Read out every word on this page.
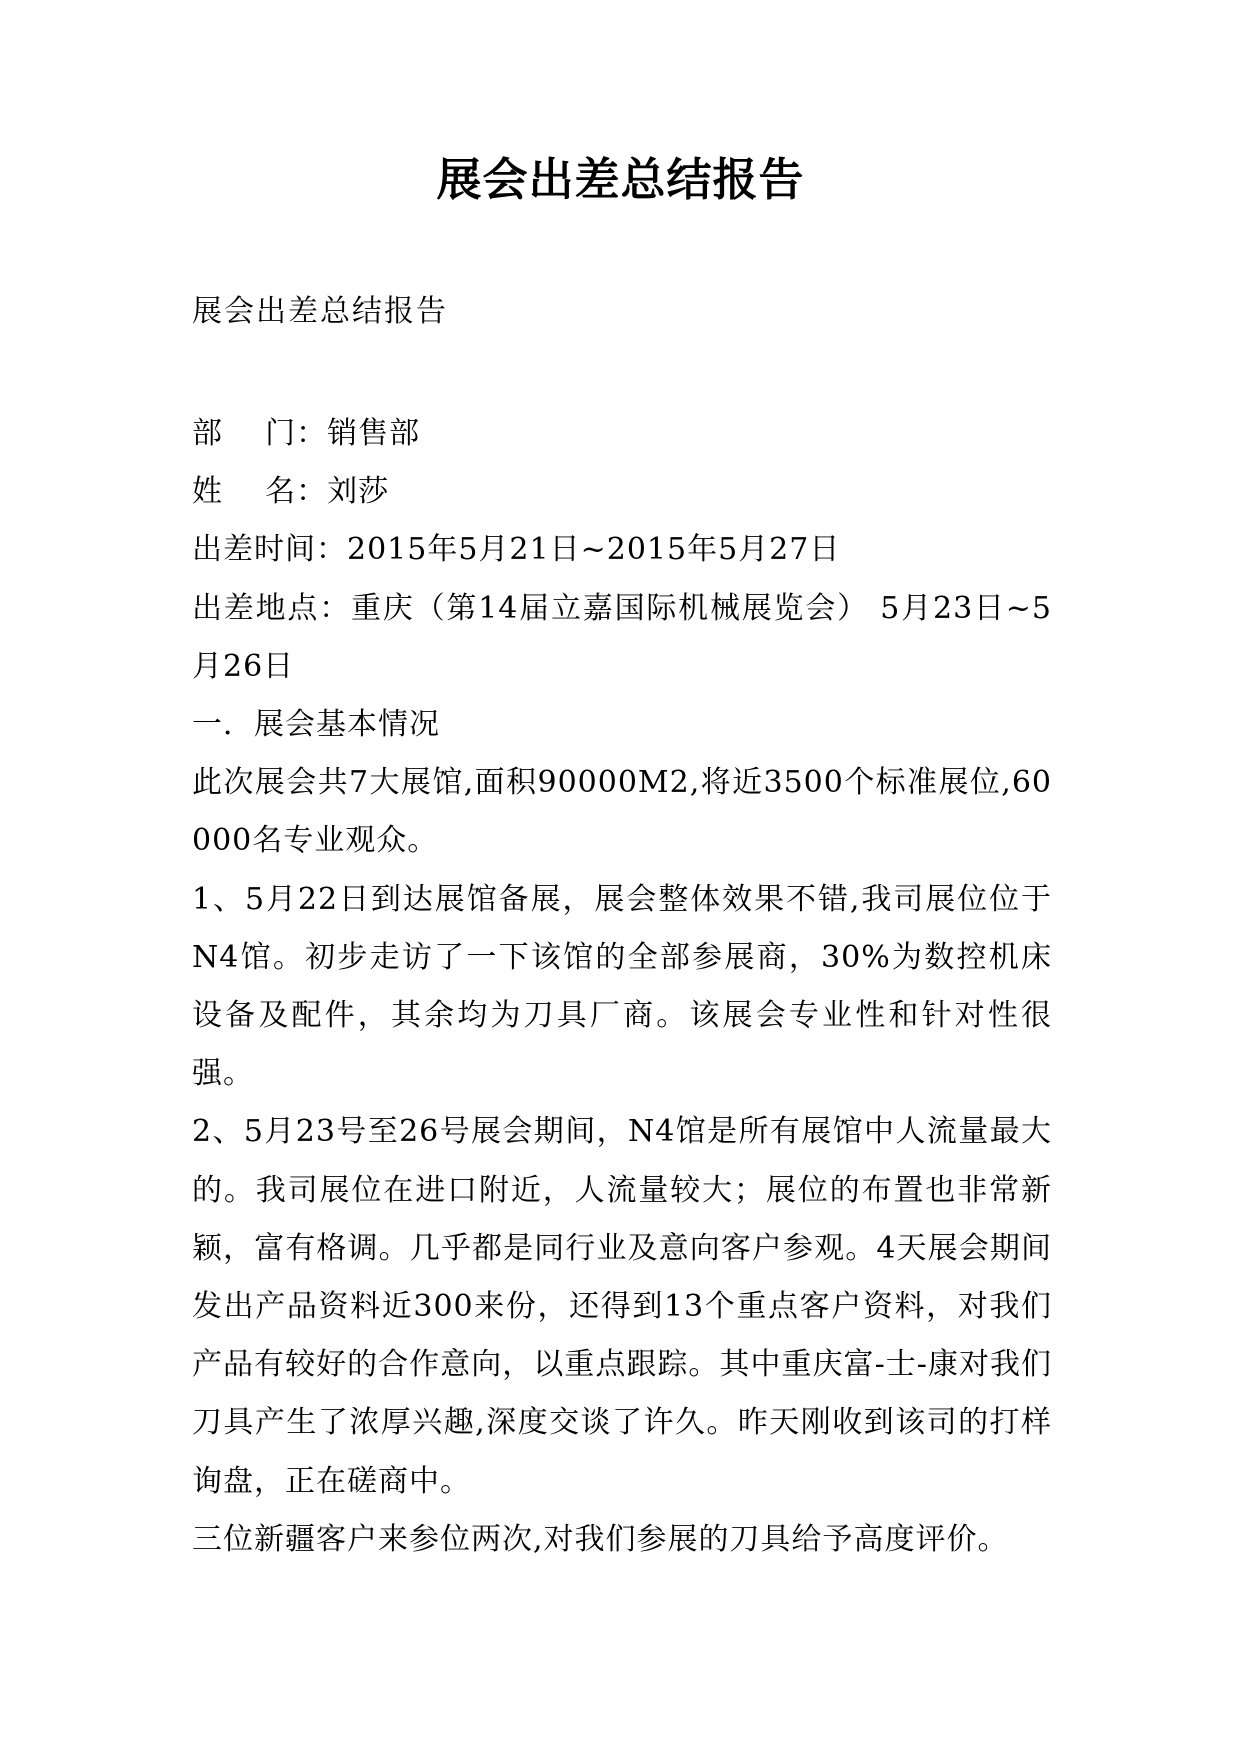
展会出差总结报告
展会出差总结报告

部    门：销售部

姓    名：刘莎

出差时间：2015年5月21日~2015年5月27日

出差地点：重庆（第14届立嘉国际机械展览会） 5月23日~5月26日

一．展会基本情况

此次展会共7大展馆,面积90000M2,将近3500个标准展位,60000名专业观众。

1、5月22日到达展馆备展，展会整体效果不错,我司展位位于N4馆。初步走访了一下该馆的全部参展商，30%为数控机床设备及配件，其余均为刀具厂商。该展会专业性和针对性很强。

2、5月23号至26号展会期间，N4馆是所有展馆中人流量最大的。我司展位在进口附近，人流量较大；展位的布置也非常新颖，富有格调。几乎都是同行业及意向客户参观。4天展会期间发出产品资料近300来份，还得到13个重点客户资料，对我们产品有较好的合作意向，以重点跟踪。其中重庆富-士-康对我们刀具产生了浓厚兴趣,深度交谈了许久。昨天刚收到该司的打样询盘，正在磋商中。

三位新疆客户来参位两次,对我们参展的刀具给予高度评价。
